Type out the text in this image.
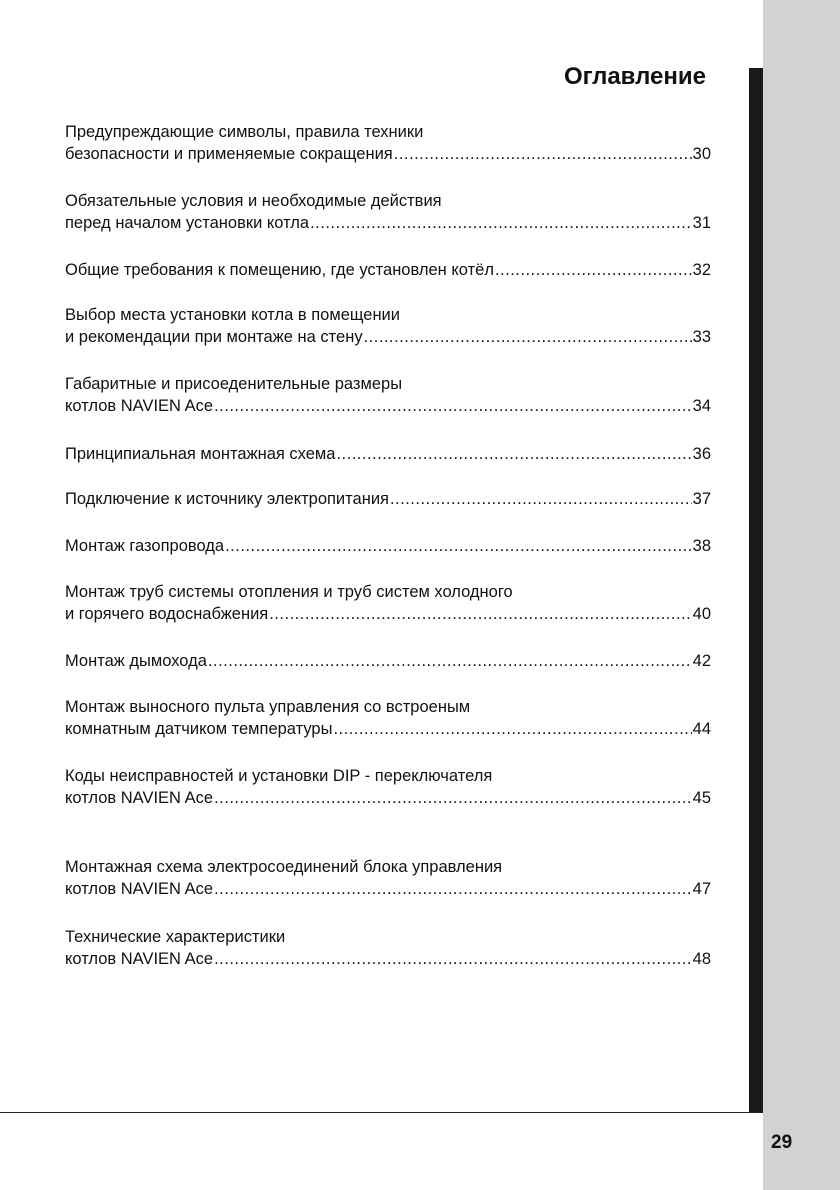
Оглавление
Предупреждающие символы, правила техники
безопасности и применяемые сокращения .....	30
Обязательные условия и необходимые действия
перед началом установки котла .....	31
Общие требования к помещению, где установлен котёл .....	32
Выбор места установки котла в помещении
и рекомендации при монтаже на стену .....	33
Габаритные и присоеденительные размеры
котлов NAVIEN Ace .....	34
Принципиальная монтажная схема .....	36
Подключение к источнику электропитания .....	37
Монтаж газопровода .....	38
Монтаж труб системы отопления и труб систем холодного
и горячего водоснабжения .....	40
Монтаж дымохода .....	42
Монтаж выносного пульта управления со встроеным
комнатным датчиком температуры .....	44
Коды неисправностей и установки DIP - переключателя
котлов NAVIEN Ace .....	45
Монтажная схема электросоединений блока управления
котлов NAVIEN Ace .....	47
Технические характеристики
котлов NAVIEN Ace .....	48
29
